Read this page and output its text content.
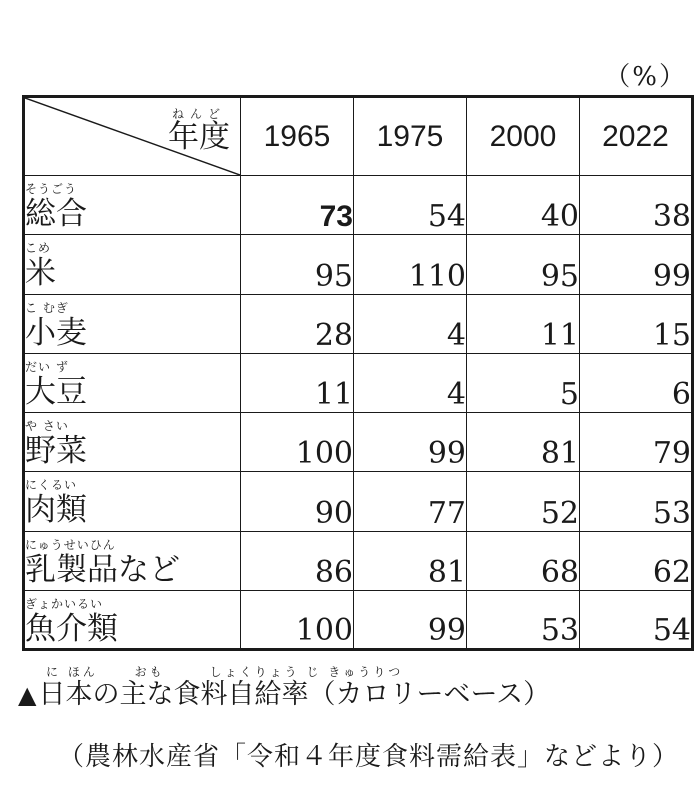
（%）
ねんど
年度	1965	1975	2000	2022

そうごう
総合	73	54	40	38

こめ
米	95	110	95	99

こ むぎ
小麦	28	4	11	15

だい ず
大豆	11	4	5	6

や さい
野菜	100	99	81	79

にくるい
肉類	90	77	52	53

にゅうせいひん
乳製品など	86	81	68	62

ぎょかいるい
魚介類	100	99	53	54
に ほん　　 おも　　　しょくりょう じ きゅうりつ
▲日本の主な食料自給率（カロリーベース）
（農林水産省「令和４年度食料需給表」などより）
